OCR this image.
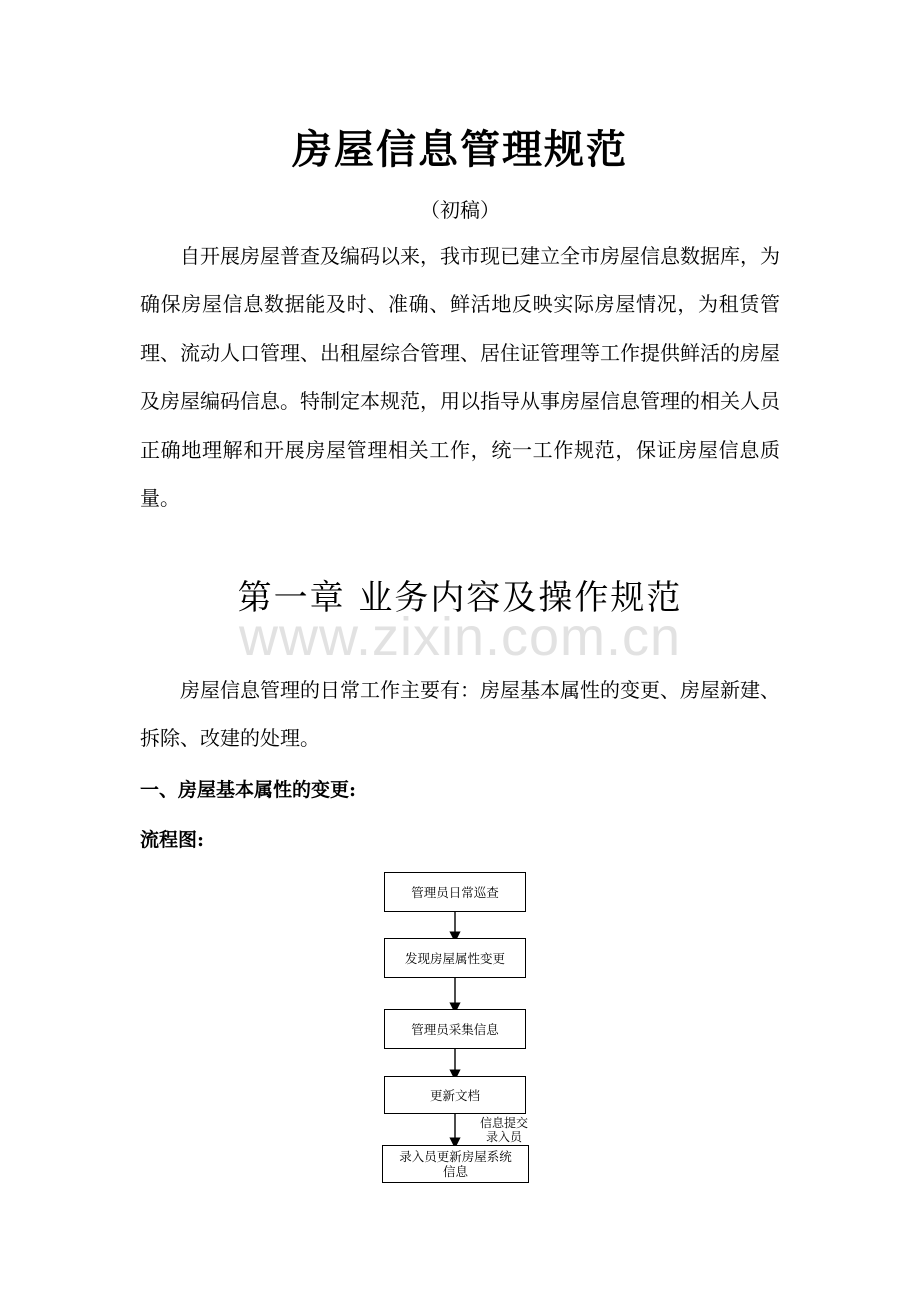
房屋信息管理规范
（初稿）
自开展房屋普查及编码以来，我市现已建立全市房屋信息数据库，为确保房屋信息数据能及时、准确、鲜活地反映实际房屋情况，为租赁管理、流动人口管理、出租屋综合管理、居住证管理等工作提供鲜活的房屋及房屋编码信息。特制定本规范，用以指导从事房屋信息管理的相关人员正确地理解和开展房屋管理相关工作，统一工作规范，保证房屋信息质量。
第一章 业务内容及操作规范
www.zixin.com.cn
房屋信息管理的日常工作主要有：房屋基本属性的变更、房屋新建、拆除、改建的处理。
一、房屋基本属性的变更:
流程图:
管理员日常巡查
发现房屋属性变更
管理员采集信息
更新文档
信息提交
录入员
录入员更新房屋系统信息
